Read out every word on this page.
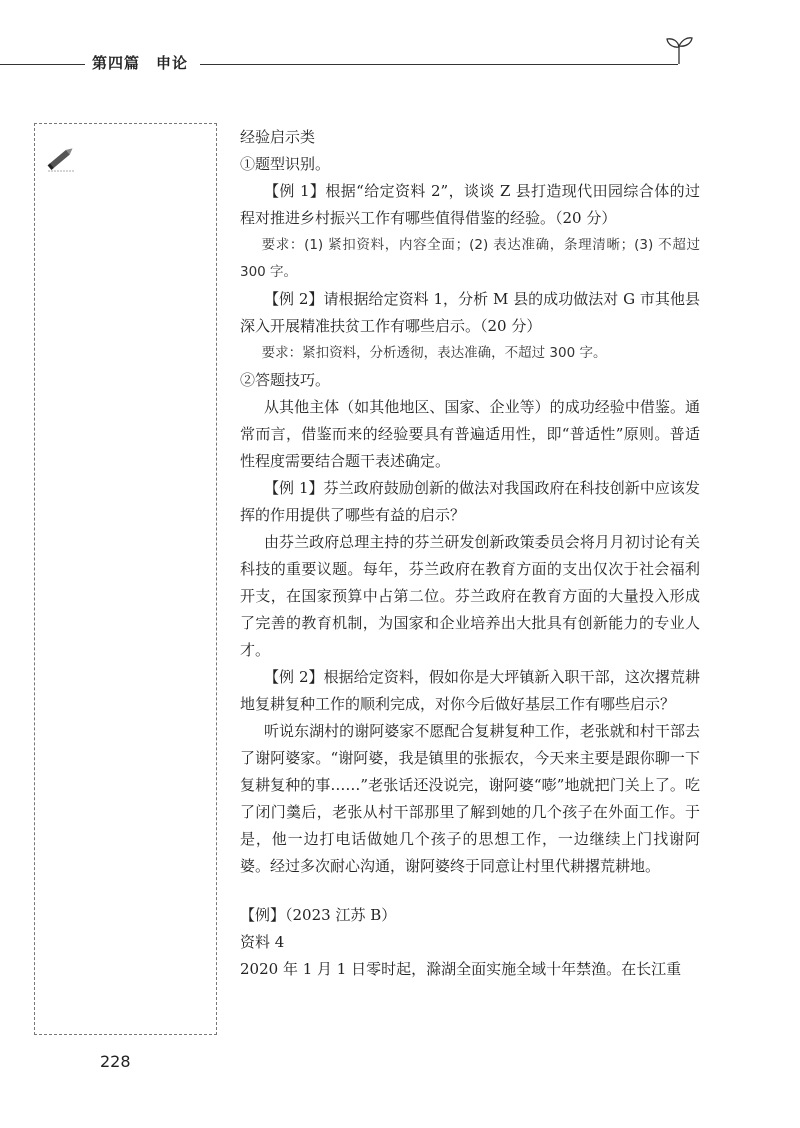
第四篇　申论

经验启示类

①题型识别。

【例 1】根据“给定资料 2”，谈谈 Z 县打造现代田园综合体的过程对推进乡村振兴工作有哪些值得借鉴的经验。（20 分）

要求：(1) 紧扣资料，内容全面；(2) 表达准确，条理清晰；(3) 不超过 300 字。

【例 2】请根据给定资料 1，分析 M 县的成功做法对 G 市其他县深入开展精准扶贫工作有哪些启示。（20 分）

要求：紧扣资料，分析透彻，表达准确，不超过 300 字。

②答题技巧。

从其他主体（如其他地区、国家、企业等）的成功经验中借鉴。通常而言，借鉴而来的经验要具有普遍适用性，即“普适性”原则。普适性程度需要结合题干表述确定。

【例 1】芬兰政府鼓励创新的做法对我国政府在科技创新中应该发挥的作用提供了哪些有益的启示？

由芬兰政府总理主持的芬兰研发创新政策委员会将月月初讨论有关科技的重要议题。每年，芬兰政府在教育方面的支出仅次于社会福利开支，在国家预算中占第二位。芬兰政府在教育方面的大量投入形成了完善的教育机制，为国家和企业培养出大批具有创新能力的专业人才。

【例 2】根据给定资料，假如你是大坪镇新入职干部，这次撂荒耕地复耕复种工作的顺利完成，对你今后做好基层工作有哪些启示？

听说东湖村的谢阿婆家不愿配合复耕复种工作，老张就和村干部去了谢阿婆家。“谢阿婆，我是镇里的张振农，今天来主要是跟你聊一下复耕复种的事……”老张话还没说完，谢阿婆“嘭”地就把门关上了。吃了闭门羹后，老张从村干部那里了解到她的几个孩子在外面工作。于是，他一边打电话做她几个孩子的思想工作，一边继续上门找谢阿婆。经过多次耐心沟通，谢阿婆终于同意让村里代耕撂荒耕地。

【例】（2023 江苏 B）

资料 4

2020 年 1 月 1 日零时起，滁湖全面实施全域十年禁渔。在长江重

228
